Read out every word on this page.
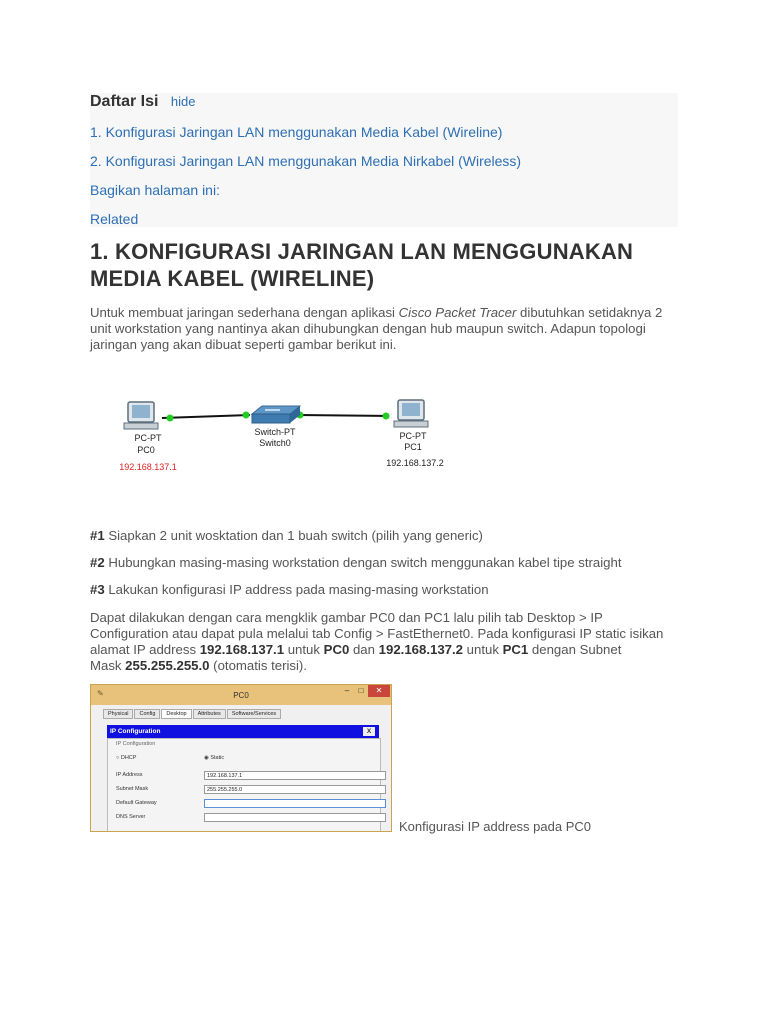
Daftar Isi hide
1. Konfigurasi Jaringan LAN menggunakan Media Kabel (Wireline)
2. Konfigurasi Jaringan LAN menggunakan Media Nirkabel (Wireless)
Bagikan halaman ini:
Related
1. KONFIGURASI JARINGAN LAN MENGGUNAKAN
MEDIA KABEL (WIRELINE)
Untuk membuat jaringan sederhana dengan aplikasi Cisco Packet Tracer dibutuhkan setidaknya 2
unit workstation yang nantinya akan dihubungkan dengan hub maupun switch. Adapun topologi
jaringan yang akan dibuat seperti gambar berikut ini.
PC-PT
PC0
192.168.137.1
Switch-PT
Switch0
PC-PT
PC1
192.168.137.2
#1 Siapkan 2 unit wosktation dan 1 buah switch (pilih yang generic)
#2 Hubungkan masing-masing workstation dengan switch menggunakan kabel tipe straight
#3 Lakukan konfigurasi IP address pada masing-masing workstation
Dapat dilakukan dengan cara mengklik gambar PC0 dan PC1 lalu pilih tab Desktop > IP
Configuration atau dapat pula melalui tab Config > FastEthernet0. Pada konfigurasi IP static isikan
alamat IP address 192.168.137.1 untuk PC0 dan 192.168.137.2 untuk PC1 dengan Subnet
Mask 255.255.255.0 (otomatis terisi).
✎	PC0
–	□	✕
Physical Config Desktop Attributes Software/Services
IP Configuration	X
IP Configuration
○ DHCP	◉ Static
IP Address	192.168.137.1
Subnet Mask	255.255.255.0
Default Gateway
DNS Server
Konfigurasi IP address pada PC0
